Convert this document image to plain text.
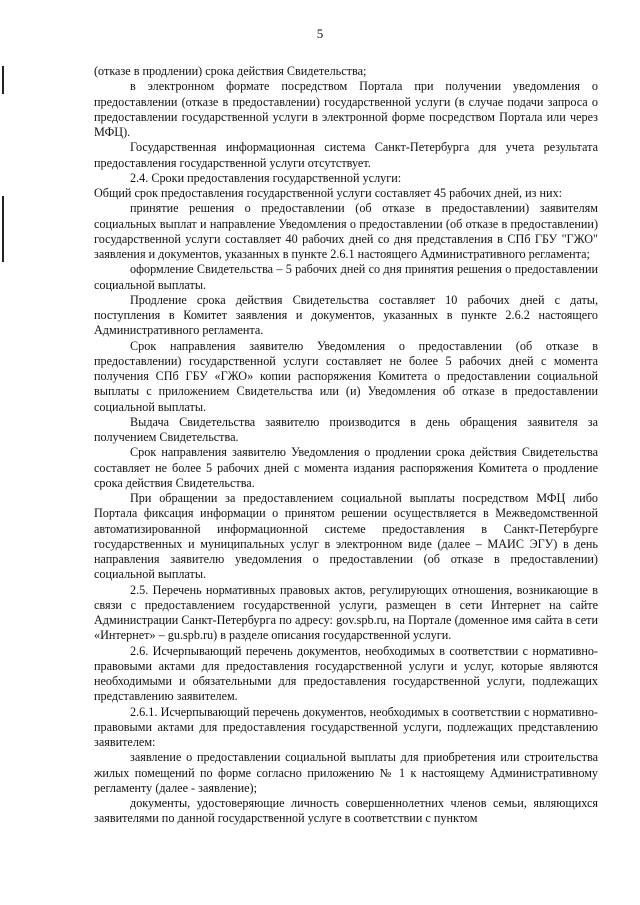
5

(отказе в продлении) срока действия Свидетельства;

в электронном формате посредством Портала при получении уведомления о предоставлении (отказе в предоставлении) государственной услуги (в случае подачи запроса о предоставлении государственной услуги в электронной форме посредством Портала или через МФЦ).

Государственная информационная система Санкт-Петербурга для учета результата предоставления государственной услуги отсутствует.

2.4. Сроки предоставления государственной услуги:

Общий срок предоставления государственной услуги составляет 45 рабочих дней, из них:

принятие решения о предоставлении (об отказе в предоставлении) заявителям социальных выплат и направление Уведомления о предоставлении (об отказе в предоставлении) государственной услуги составляет 40 рабочих дней со дня представления в СПб ГБУ "ГЖО" заявления и документов, указанных в пункте 2.6.1 настоящего Административного регламента;

оформление Свидетельства – 5 рабочих дней со дня принятия решения о предоставлении социальной выплаты.

Продление срока действия Свидетельства составляет 10 рабочих дней с даты, поступления в Комитет заявления и документов, указанных в пункте 2.6.2 настоящего Административного регламента.

Срок направления заявителю Уведомления о предоставлении (об отказе в предоставлении) государственной услуги составляет не более 5 рабочих дней с момента получения СПб ГБУ «ГЖО» копии распоряжения Комитета о предоставлении социальной выплаты с приложением Свидетельства или (и) Уведомления об отказе в предоставлении социальной выплаты.

Выдача Свидетельства заявителю производится в день обращения заявителя за получением Свидетельства.

Срок направления заявителю Уведомления о продлении срока действия Свидетельства составляет не более 5 рабочих дней с момента издания распоряжения Комитета о продление срока действия Свидетельства.

При обращении за предоставлением социальной выплаты посредством МФЦ либо Портала фиксация информации о принятом решении осуществляется в Межведомственной автоматизированной информационной системе предоставления в Санкт-Петербурге государственных и муниципальных услуг в электронном виде (далее – МАИС ЭГУ) в день направления заявителю уведомления о предоставлении (об отказе в предоставлении) социальной выплаты.

2.5. Перечень нормативных правовых актов, регулирующих отношения, возникающие в связи с предоставлением государственной услуги, размещен в сети Интернет на сайте Администрации Санкт-Петербурга по адресу: gov.spb.ru, на Портале (доменное имя сайта в сети «Интернет» – gu.spb.ru) в разделе описания государственной услуги.

2.6. Исчерпывающий перечень документов, необходимых в соответствии с нормативно-правовыми актами для предоставления государственной услуги и услуг, которые являются необходимыми и обязательными для предоставления государственной услуги, подлежащих представлению заявителем.

2.6.1. Исчерпывающий перечень документов, необходимых в соответствии с нормативно-правовыми актами для предоставления государственной услуги, подлежащих представлению заявителем:

заявление о предоставлении социальной выплаты для приобретения или строительства жилых помещений по форме согласно приложению № 1 к настоящему Административному регламенту (далее - заявление);

документы, удостоверяющие личность совершеннолетних членов семьи, являющихся заявителями по данной государственной услуге в соответствии с пунктом
